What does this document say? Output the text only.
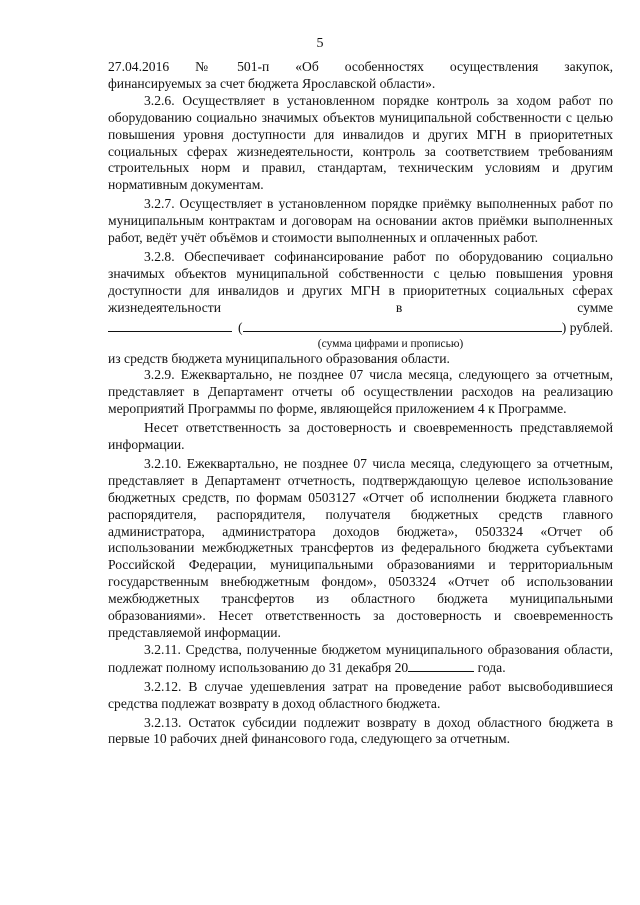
5

27.04.2016    №    501-п    «Об    особенностях    осуществления    закупок,

финансируемых за счет бюджета Ярославской области».

3.2.6. Осуществляет в установленном порядке контроль за ходом работ по оборудованию социально значимых объектов муниципальной собственности с целью повышения уровня доступности для инвалидов и других МГН в приоритетных социальных сферах жизнедеятельности, контроль за соответствием требованиям строительных норм и правил, стандартам, техническим условиям и другим нормативным документам.

3.2.7. Осуществляет в установленном порядке приёмку выполненных работ по муниципальным контрактам и договорам на основании актов приёмки выполненных работ, ведёт учёт объёмов и стоимости выполненных и оплаченных работ.

3.2.8. Обеспечивает софинансирование работ по оборудованию социально значимых объектов муниципальной собственности с целью повышения уровня доступности для инвалидов и других МГН в приоритетных социальных сферах жизнедеятельности в сумме

(	) рублей.
(сумма цифрами и прописью)

из средств бюджета муниципального образования области.

3.2.9. Ежеквартально, не позднее 07 числа месяца, следующего за отчетным, представляет в Департамент отчеты об осуществлении расходов на реализацию мероприятий Программы по форме, являющейся приложением 4 к Программе.

Несет ответственность за достоверность и своевременность представляемой информации.

3.2.10. Ежеквартально, не позднее 07 числа месяца, следующего за отчетным, представляет в Департамент отчетность, подтверждающую целевое использование бюджетных средств, по формам 0503127 «Отчет об исполнении бюджета главного распорядителя, распорядителя, получателя бюджетных средств главного администратора, администратора доходов бюджета», 0503324 «Отчет об использовании межбюджетных трансфертов из федерального бюджета субъектами Российской Федерации, муниципальными образованиями и территориальным государственным внебюджетным фондом», 0503324 «Отчет об использовании межбюджетных трансфертов из областного бюджета муниципальными образованиями». Несет ответственность за достоверность и своевременность представляемой информации.

3.2.11. Средства, полученные бюджетом муниципального образования области, подлежат полному использованию до 31 декабря 20	года.

3.2.12. В случае удешевления затрат на проведение работ высвободившиеся средства подлежат возврату в доход областного бюджета.

3.2.13. Остаток субсидии подлежит возврату в доход областного бюджета в первые 10 рабочих дней финансового года, следующего за отчетным.
